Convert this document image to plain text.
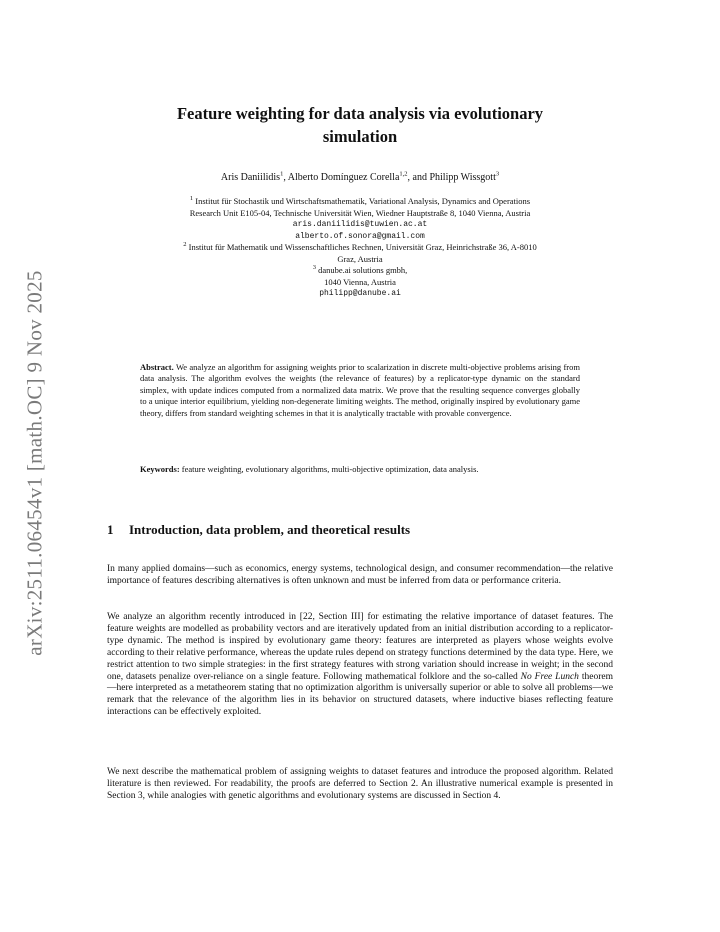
arXiv:2511.06454v1 [math.OC] 9 Nov 2025
Feature weighting for data analysis via evolutionary
simulation
Aris Daniilidis$^1$, Alberto Domínguez Corella$^{1,2}$, and Philipp Wissgott$^3$
$^1$ Institut für Stochastik und Wirtschaftsmathematik, Variational Analysis, Dynamics and Operations
Research Unit E105-04, Technische Universität Wien, Wiedner Hauptstraße 8, 1040 Vienna, Austria
aris.daniilidis@tuwien.ac.at
alberto.of.sonora@gmail.com
$^2$ Institut für Mathematik und Wissenschaftliches Rechnen, Universität Graz, Heinrichstraße 36, A-8010
Graz, Austria
$^3$ danube.ai solutions gmbh,
1040 Vienna, Austria
philipp@danube.ai

Abstract. We analyze an algorithm for assigning weights prior to scalarization in discrete multi-objective problems arising from data analysis. The algorithm evolves the weights (the relevance of features) by a replicator-type dynamic on the standard simplex, with update indices computed from a normalized data matrix. We prove that the resulting sequence converges globally to a unique interior equilibrium, yielding non-degenerate limiting weights. The method, originally inspired by evolutionary game theory, differs from standard weighting schemes in that it is analytically tractable with provable convergence.

Keywords: feature weighting, evolutionary algorithms, multi-objective optimization, data analysis.

1 Introduction, data problem, and theoretical results

In many applied domains—such as economics, energy systems, technological design, and consumer recommendation—the relative importance of features describing alternatives is often unknown and must be inferred from data or performance criteria.

We analyze an algorithm recently introduced in [22, Section III] for estimating the relative importance of dataset features. The feature weights are modelled as probability vectors and are iteratively updated from an initial distribution according to a replicator-type dynamic. The method is inspired by evolutionary game theory: features are interpreted as players whose weights evolve according to their relative performance, whereas the update rules depend on strategy functions determined by the data type. Here, we restrict attention to two simple strategies: in the first strategy features with strong variation should increase in weight; in the second one, datasets penalize over-reliance on a single feature. Following mathematical folklore and the so-called No Free Lunch theorem—here interpreted as a metatheorem stating that no optimization algorithm is universally superior or able to solve all problems—we remark that the relevance of the algorithm lies in its behavior on structured datasets, where inductive biases reflecting feature interactions can be effectively exploited.

We next describe the mathematical problem of assigning weights to dataset features and introduce the proposed algorithm. Related literature is then reviewed. For readability, the proofs are deferred to Section 2. An illustrative numerical example is presented in Section 3, while analogies with genetic algorithms and evolutionary systems are discussed in Section 4.
